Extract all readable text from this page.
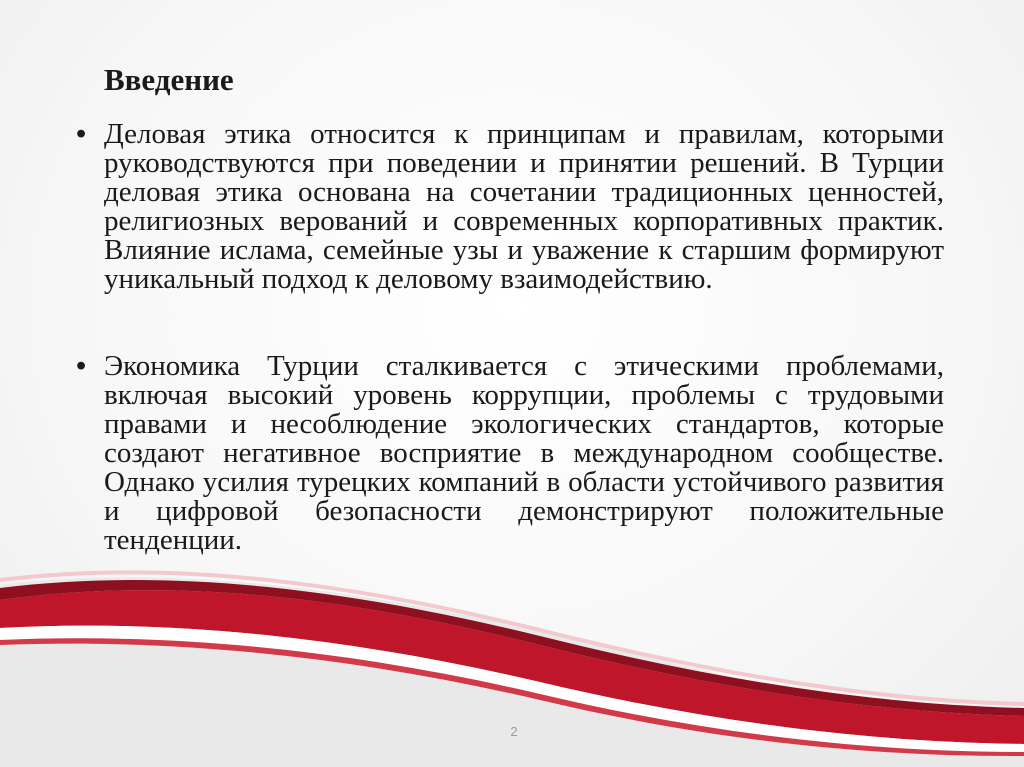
Введение
• Деловая этика относится к принципам и правилам, которыми руководствуются при поведении и принятии решений. В Турции деловая этика основана на сочетании традиционных ценностей, религиозных верований и современных корпоративных практик. Влияние ислама, семейные узы и уважение к старшим формируют уникальный подход к деловому взаимодействию.
• Экономика Турции сталкивается с этическими проблемами, включая высокий уровень коррупции, проблемы с трудовыми правами и несоблюдение экологических стандартов, которые создают негативное восприятие в международном сообществе. Однако усилия турецких компаний в области устойчивого развития и цифровой безопасности демонстрируют положительные тенденции.
2
